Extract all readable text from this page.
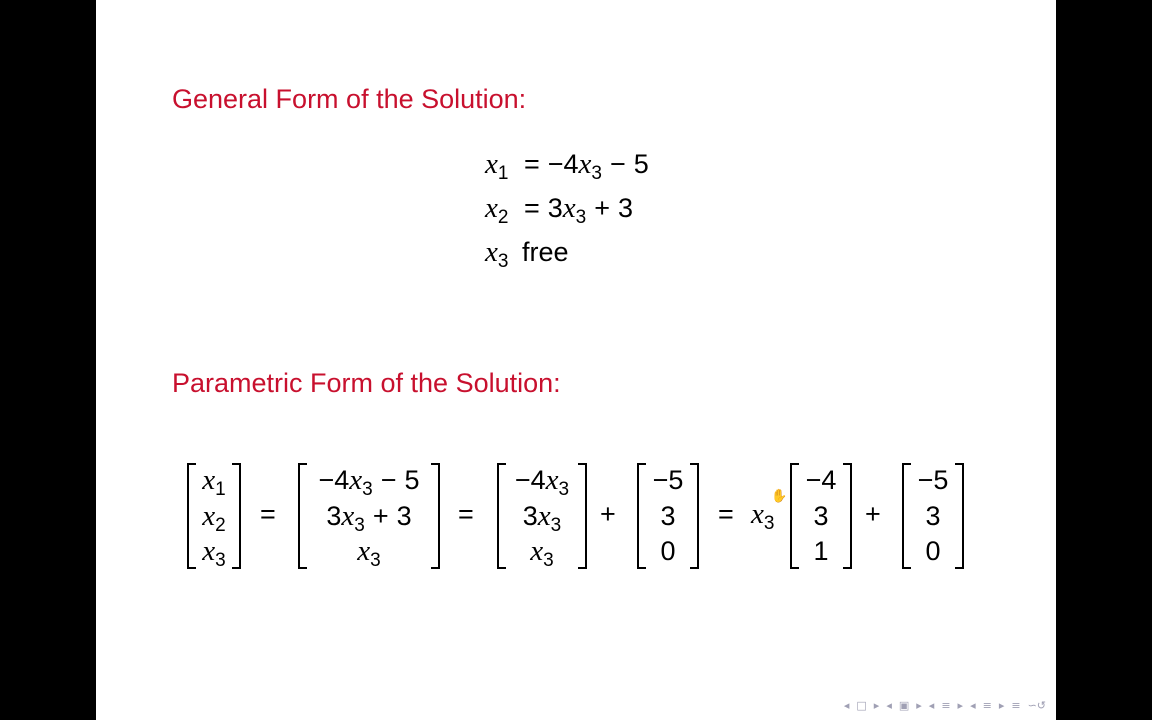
General Form of the Solution:
$x_1 = -4x_3 - 5$
$x_2 = 3x_3 + 3$
$x_3$ free
Parametric Form of the Solution:
$x_1$
$x_2$
$x_3$
=
$-4x_3 - 5$
$3x_3 + 3$
$x_3$
=
$-4x_3$
$3x_3$
$x_3$
+
−5
3
0
= $x_3$
✋
−4
3
1
+
−5
3
0
◂ □ ▸ ◂ ▣ ▸ ◂ ≡ ▸ ◂ ≡ ▸ ≡ ∽↺
